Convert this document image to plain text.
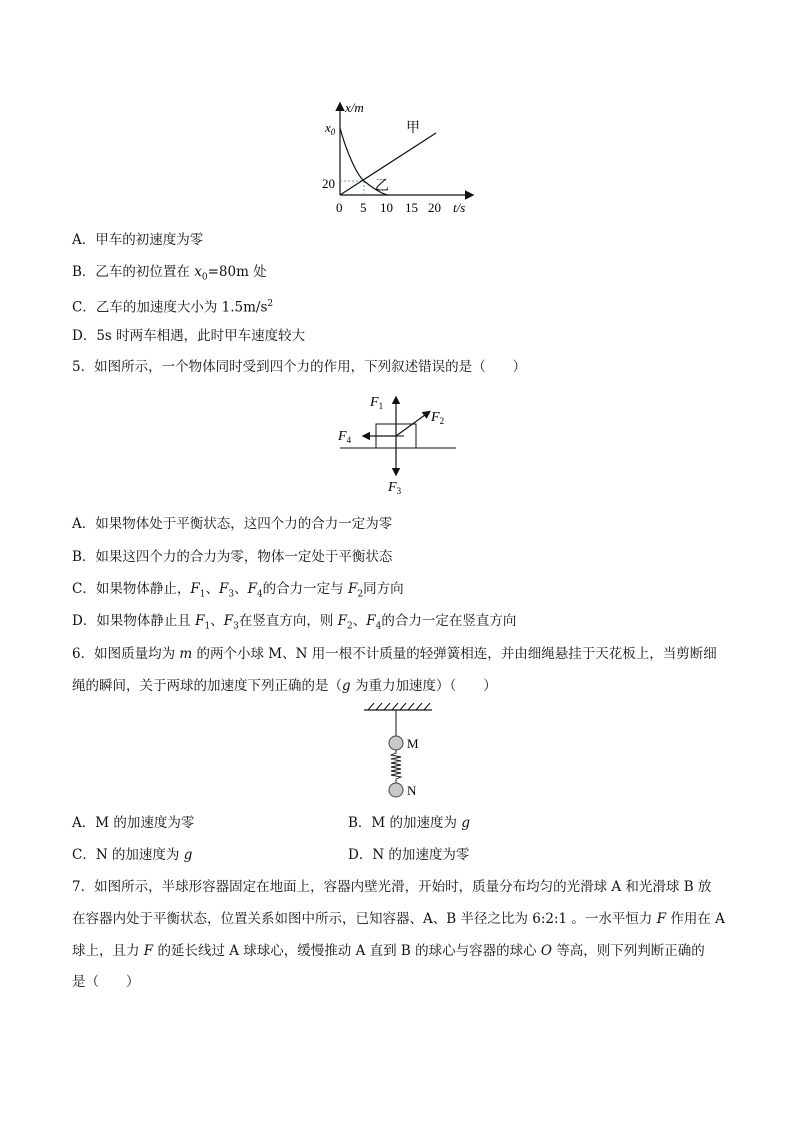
x/m
t/s
$x_0$
20
0 5 10 15 20
甲
乙
A．甲车的初速度为零
B．乙车的初位置在 $x_0=80m$ 处
C．乙车的加速度大小为 $1.5m/s^2$
D．5s 时两车相遇，此时甲车速度较大
5．如图所示，一个物体同时受到四个力的作用，下列叙述错误的是（　　）
$F_1$
$F_2$
$F_4$
$F_3$
A．如果物体处于平衡状态，这四个力的合力一定为零
B．如果这四个力的合力为零，物体一定处于平衡状态
C．如果物体静止，$F_1$、$F_3$、$F_4$的合力一定与 $F_2$同方向
D．如果物体静止且 $F_1$、$F_3$在竖直方向，则 $F_2$、$F_4$的合力一定在竖直方向
6．如图质量均为 m 的两个小球 M、N 用一根不计质量的轻弹簧相连，并由细绳悬挂于天花板上，当剪断细
绳的瞬间，关于两球的加速度下列正确的是（g 为重力加速度）（　　）
M
N
A．M 的加速度为零	B．M 的加速度为 g
C．N 的加速度为 g	D．N 的加速度为零
7．如图所示，半球形容器固定在地面上，容器内壁光滑，开始时，质量分布均匀的光滑球 A 和光滑球 B 放
在容器内处于平衡状态，位置关系如图中所示，已知容器、A、B 半径之比为 6:2:1 。一水平恒力 F 作用在 A
球上，且力 F 的延长线过 A 球球心，缓慢推动 A 直到 B 的球心与容器的球心 O 等高，则下列判断正确的
是（　　）
